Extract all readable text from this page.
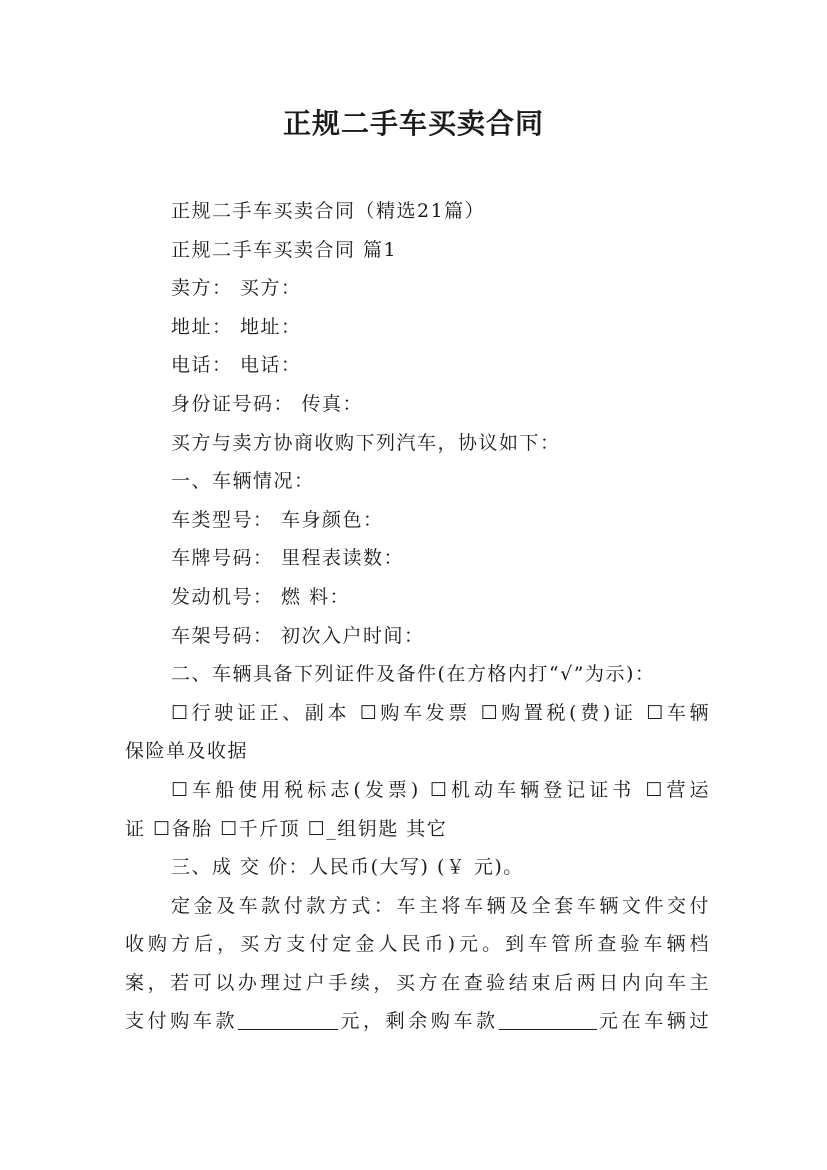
正规二手车买卖合同

正规二手车买卖合同（精选21篇）

正规二手车买卖合同 篇1

卖方： 买方：

地址： 地址：

电话： 电话：

身份证号码： 传真：

买方与卖方协商收购下列汽车，协议如下：

一、车辆情况：

车类型号： 车身颜色：

车牌号码： 里程表读数：

发动机号： 燃 料：

车架号码： 初次入户时间：

二、车辆具备下列证件及备件(在方格内打“√”为示)：

☐行驶证正、副本 ☐购车发票 ☐购置税(费)证 ☐车辆

保险单及收据

☐车船使用税标志(发票) ☐机动车辆登记证书 ☐营运

证 ☐备胎 ☐千斤顶 ☐_组钥匙 其它

三、成 交 价：人民币(大写) (￥ 元)。

定金及车款付款方式：车主将车辆及全套车辆文件交付

收购方后，买方支付定金人民币)元。到车管所查验车辆档

案，若可以办理过户手续，买方在查验结束后两日内向车主

支付购车款	元，剩余购车款	元在车辆过
